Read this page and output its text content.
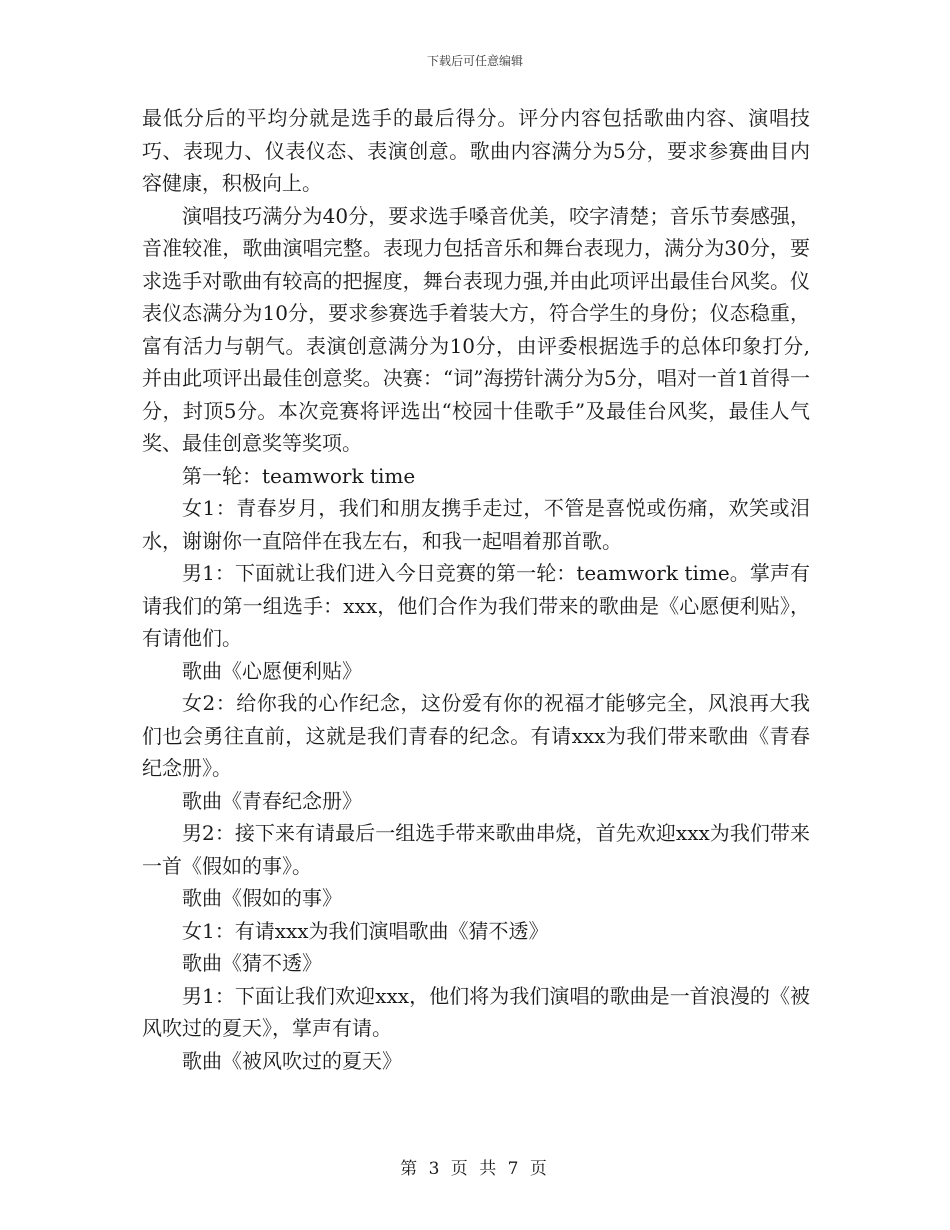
下载后可任意编辑

最低分后的平均分就是选手的最后得分。评分内容包括歌曲内容、演唱技巧、表现力、仪表仪态、表演创意。歌曲内容满分为5分，要求参赛曲目内容健康，积极向上。

演唱技巧满分为40分，要求选手嗓音优美，咬字清楚；音乐节奏感强，音准较准，歌曲演唱完整。表现力包括音乐和舞台表现力，满分为30分，要求选手对歌曲有较高的把握度，舞台表现力强,并由此项评出最佳台风奖。仪表仪态满分为10分，要求参赛选手着装大方，符合学生的身份；仪态稳重，富有活力与朝气。表演创意满分为10分，由评委根据选手的总体印象打分,并由此项评出最佳创意奖。决赛：“词”海捞针满分为5分，唱对一首1首得一分，封顶5分。本次竞赛将评选出“校园十佳歌手”及最佳台风奖，最佳人气奖、最佳创意奖等奖项。

第一轮：teamwork time

女1：青春岁月，我们和朋友携手走过，不管是喜悦或伤痛，欢笑或泪水，谢谢你一直陪伴在我左右，和我一起唱着那首歌。

男1：下面就让我们进入今日竞赛的第一轮：teamwork time。掌声有请我们的第一组选手：xxx，他们合作为我们带来的歌曲是《心愿便利贴》，有请他们。

歌曲《心愿便利贴》

女2：给你我的心作纪念，这份爱有你的祝福才能够完全，风浪再大我们也会勇往直前，这就是我们青春的纪念。有请xxx为我们带来歌曲《青春纪念册》。

歌曲《青春纪念册》

男2：接下来有请最后一组选手带来歌曲串烧，首先欢迎xxx为我们带来一首《假如的事》。

歌曲《假如的事》

女1：有请xxx为我们演唱歌曲《猜不透》

歌曲《猜不透》

男1：下面让我们欢迎xxx，他们将为我们演唱的歌曲是一首浪漫的《被风吹过的夏天》，掌声有请。

歌曲《被风吹过的夏天》

第 3 页 共 7 页
